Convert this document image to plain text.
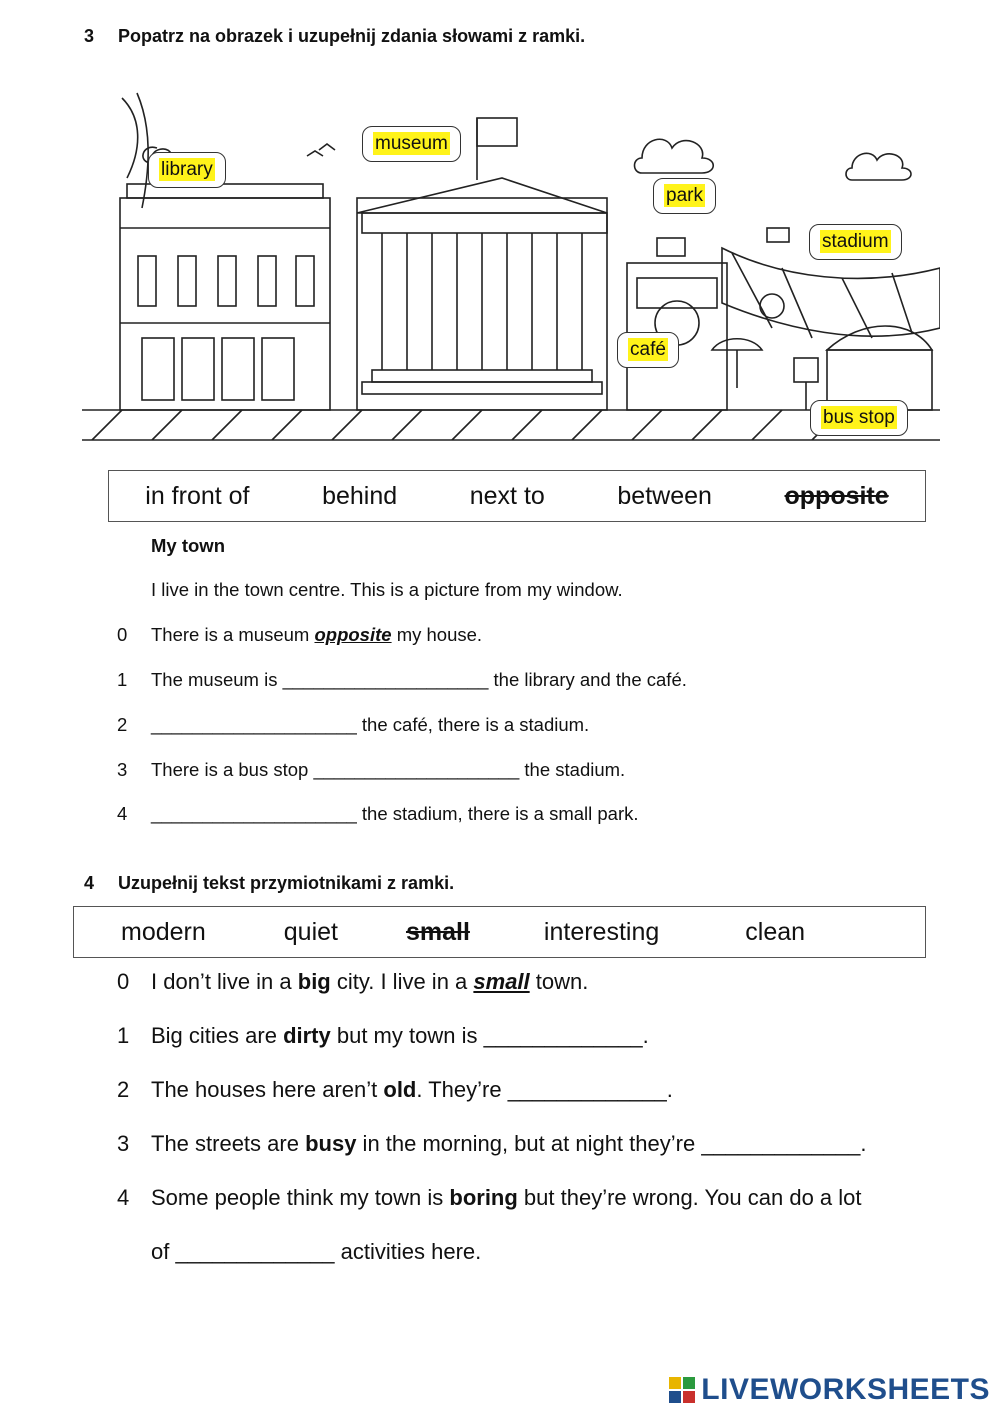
3 Popatrz na obrazek i uzupełnij zdania słowami z ramki.
library
museum
park
stadium
café
bus stop
in front of	behind	next to	between	opposite
My town
I live in the town centre. This is a picture from my window.
0 There is a museum opposite my house.
1 The museum is ____________________ the library and the café.
2 ____________________ the café, there is a stadium.
3 There is a bus stop ____________________ the stadium.
4 ____________________ the stadium, there is a small park.
4 Uzupełnij tekst przymiotnikami z ramki.
modern	quiet	small	interesting	clean
0 I don’t live in a big city. I live in a small town.
1 Big cities are dirty but my town is _____________.
2 The houses here aren’t old. They’re _____________.
3 The streets are busy in the morning, but at night they’re _____________.
4 Some people think my town is boring but they’re wrong. You can do a lot
of _____________ activities here.
LIVEWORKSHEETS
